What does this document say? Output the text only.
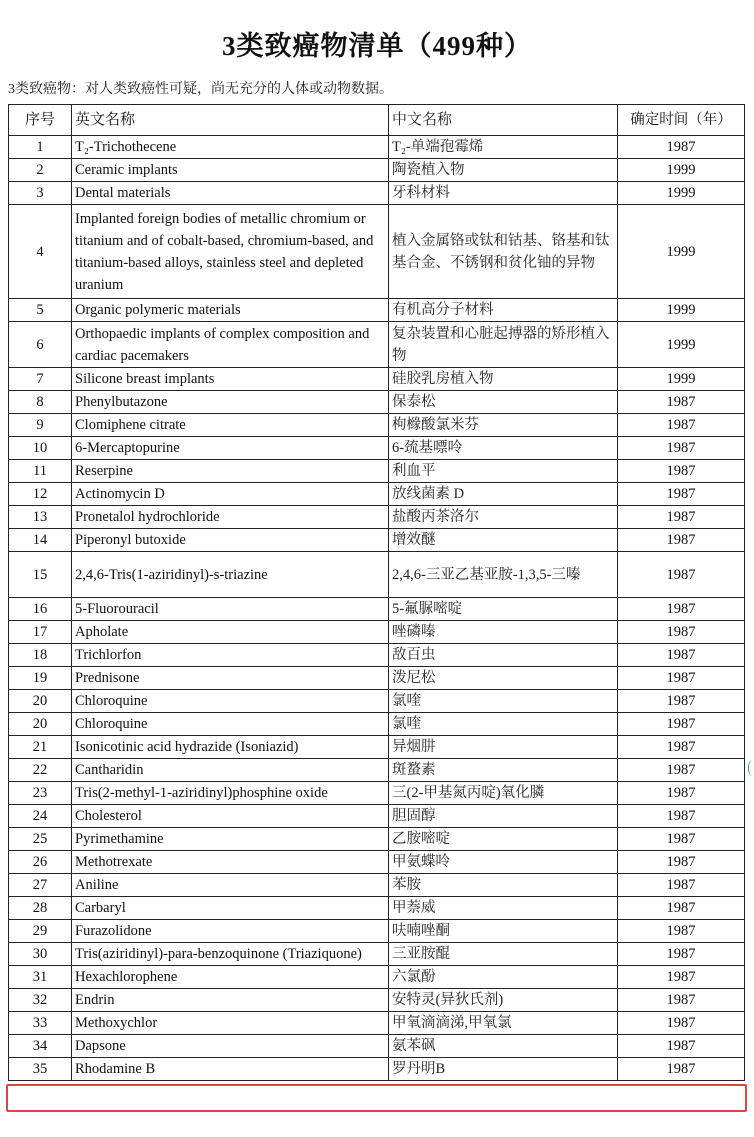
3类致癌物清单（499种）
3类致癌物：对人类致癌性可疑，尚无充分的人体或动物数据。
序号	英文名称	中文名称	确定时间（年）
1	T₂-Trichothecene	T₂-单端孢霉烯	1987
2	Ceramic implants	陶瓷植入物	1999
3	Dental materials	牙科材料	1999
4	Implanted foreign bodies of metallic chromium or titanium and of cobalt-based, chromium-based, and titanium-based alloys, stainless steel and depleted uranium	植入金属铬或钛和钴基、铬基和钛基合金、不锈钢和贫化铀的异物	1999
5	Organic polymeric materials	有机高分子材料	1999
6	Orthopaedic implants of complex composition and cardiac pacemakers	复杂装置和心脏起搏器的矫形植入物	1999
7	Silicone breast implants	硅胶乳房植入物	1999
8	Phenylbutazone	保泰松	1987
9	Clomiphene citrate	枸橼酸氯米芬	1987
10	6-Mercaptopurine	6-巯基嘌呤	1987
11	Reserpine	利血平	1987
12	Actinomycin D	放线菌素 D	1987
13	Pronetalol hydrochloride	盐酸丙茶洛尔	1987
14	Piperonyl butoxide	增效醚	1987
15	2,4,6-Tris(1-aziridinyl)-s-triazine	2,4,6-三亚乙基亚胺-1,3,5-三嗪	1987
16	5-Fluorouracil	5-氟脲嘧啶	1987
17	Apholate	唑磷嗪	1987
18	Trichlorfon	敌百虫	1987
19	Prednisone	泼尼松	1987
20	Chloroquine	氯喹	1987
20	Chloroquine	氯喹	1987
21	Isonicotinic acid hydrazide (Isoniazid)	异烟肼	1987
22	Cantharidin	斑蝥素	1987
23	Tris(2-methyl-1-aziridinyl)phosphine oxide	三(2-甲基氮丙啶)氧化膦	1987
24	Cholesterol	胆固醇	1987
25	Pyrimethamine	乙胺嘧啶	1987
26	Methotrexate	甲氨蝶呤	1987
27	Aniline	苯胺	1987
28	Carbaryl	甲萘威	1987
29	Furazolidone	呋喃唑酮	1987
30	Tris(aziridinyl)-para-benzoquinone (Triaziquone)	三亚胺醌	1987
31	Hexachlorophene	六氯酚	1987
32	Endrin	安特灵(异狄氏剂)	1987
33	Methoxychlor	甲氧滴滴涕,甲氧氯	1987
34	Dapsone	氨苯砜	1987
35	Rhodamine B	罗丹明B	1987
